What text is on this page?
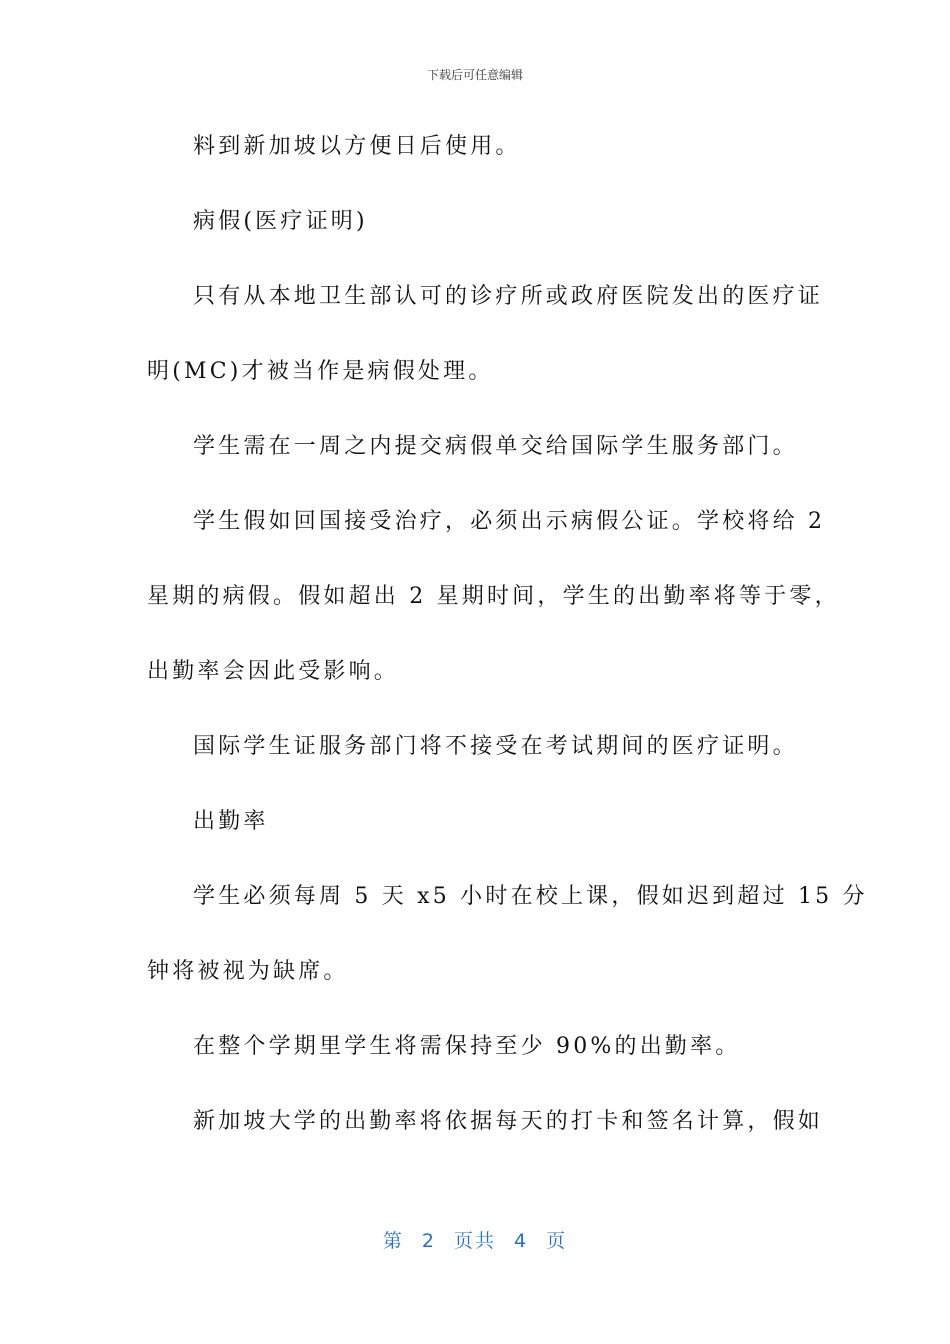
下载后可任意编辑
料到新加坡以方便日后使用。
病假(医疗证明)
只有从本地卫生部认可的诊疗所或政府医院发出的医疗证
明(MC)才被当作是病假处理。
学生需在一周之内提交病假单交给国际学生服务部门。
学生假如回国接受治疗，必须出示病假公证。学校将给 2
星期的病假。假如超出 2 星期时间，学生的出勤率将等于零，
出勤率会因此受影响。
国际学生证服务部门将不接受在考试期间的医疗证明。
出勤率
学生必须每周 5 天 x5 小时在校上课，假如迟到超过 15 分
钟将被视为缺席。
在整个学期里学生将需保持至少 90%的出勤率。
新加坡大学的出勤率将依据每天的打卡和签名计算，假如
第 2 页共 4 页
